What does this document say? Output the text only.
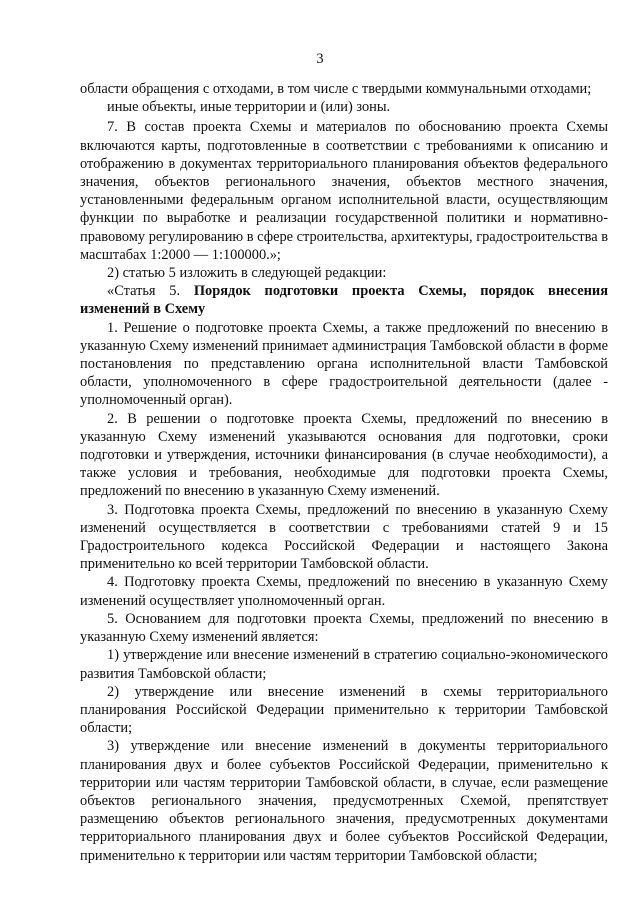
3

области обращения с отходами, в том числе с твердыми коммунальными отходами;

иные объекты, иные территории и (или) зоны.

7. В состав проекта Схемы и материалов по обоснованию проекта Схемы включаются карты, подготовленные в соответствии с требованиями к описанию и отображению в документах территориального планирования объектов федерального значения, объектов регионального значения, объектов местного значения, установленными федеральным органом исполнительной власти, осуществляющим функции по выработке и реализации государственной политики и нормативно-правовому регулированию в сфере строительства, архитектуры, градостроительства в масштабах 1:2000 — 1:100000.»;

2) статью 5 изложить в следующей редакции:

«Статья 5. Порядок подготовки проекта Схемы, порядок внесения изменений в Схему

1. Решение о подготовке проекта Схемы, а также предложений по внесению в указанную Схему изменений принимает администрация Тамбовской области в форме постановления по представлению органа исполнительной власти Тамбовской области, уполномоченного в сфере градостроительной деятельности (далее - уполномоченный орган).

2. В решении о подготовке проекта Схемы, предложений по внесению в указанную Схему изменений указываются основания для подготовки, сроки подготовки и утверждения, источники финансирования (в случае необходимости), а также условия и требования, необходимые для подготовки проекта Схемы, предложений по внесению в указанную Схему изменений.

3. Подготовка проекта Схемы, предложений по внесению в указанную Схему изменений осуществляется в соответствии с требованиями статей 9 и 15 Градостроительного кодекса Российской Федерации и настоящего Закона применительно ко всей территории Тамбовской области.

4. Подготовку проекта Схемы, предложений по внесению в указанную Схему изменений осуществляет уполномоченный орган.

5. Основанием для подготовки проекта Схемы, предложений по внесению в указанную Схему изменений является:

1) утверждение или внесение изменений в стратегию социально-экономического развития Тамбовской области;

2) утверждение или внесение изменений в схемы территориального планирования Российской Федерации применительно к территории Тамбовской области;

3) утверждение или внесение изменений в документы территориального планирования двух и более субъектов Российской Федерации, применительно к территории или частям территории Тамбовской области, в случае, если размещение объектов регионального значения, предусмотренных Схемой, препятствует размещению объектов регионального значения, предусмотренных документами территориального планирования двух и более субъектов Российской Федерации, применительно к территории или частям территории Тамбовской области;
